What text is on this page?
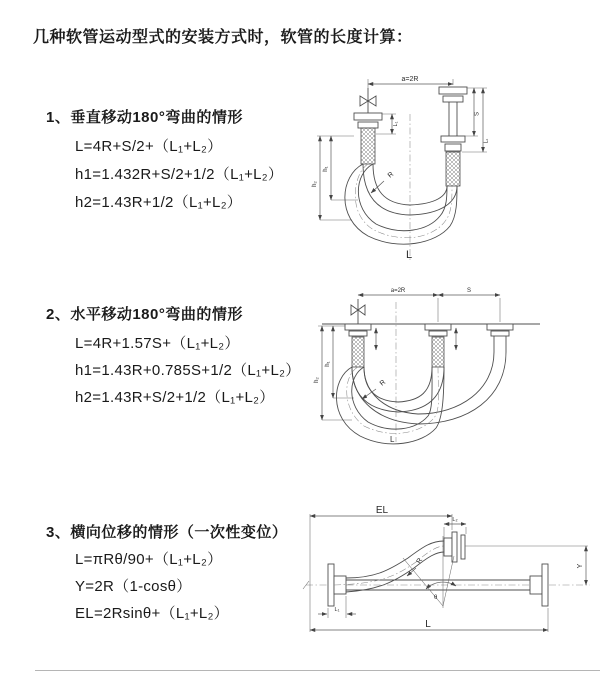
几种软管运动型式的安装方式时，软管的长度计算：
1、垂直移动180°弯曲的情形
L=4R+S/2+（L₁+L₂）
h1=1.432R+S/2+1/2（L₁+L₂）
h2=1.43R+1/2（L₁+L₂）
a=2R
L₁
S
L₂
h₁
h₂
R
L
2、水平移动180°弯曲的情形
L=4R+1.57S+（L₁+L₂）
h1=1.43R+0.785S+1/2（L₁+L₂）
h2=1.43R+S/2+1/2（L₁+L₂）
a=2R	S
h₁
h₂	R
L
3、横向位移的情形（一次性变位）
L=πRθ/90+（L₁+L₂）
Y=2R（1-cosθ）
EL=2Rsinθ+（L₁+L₂）
EL
L₂
Y
θ
R
L₁
L
